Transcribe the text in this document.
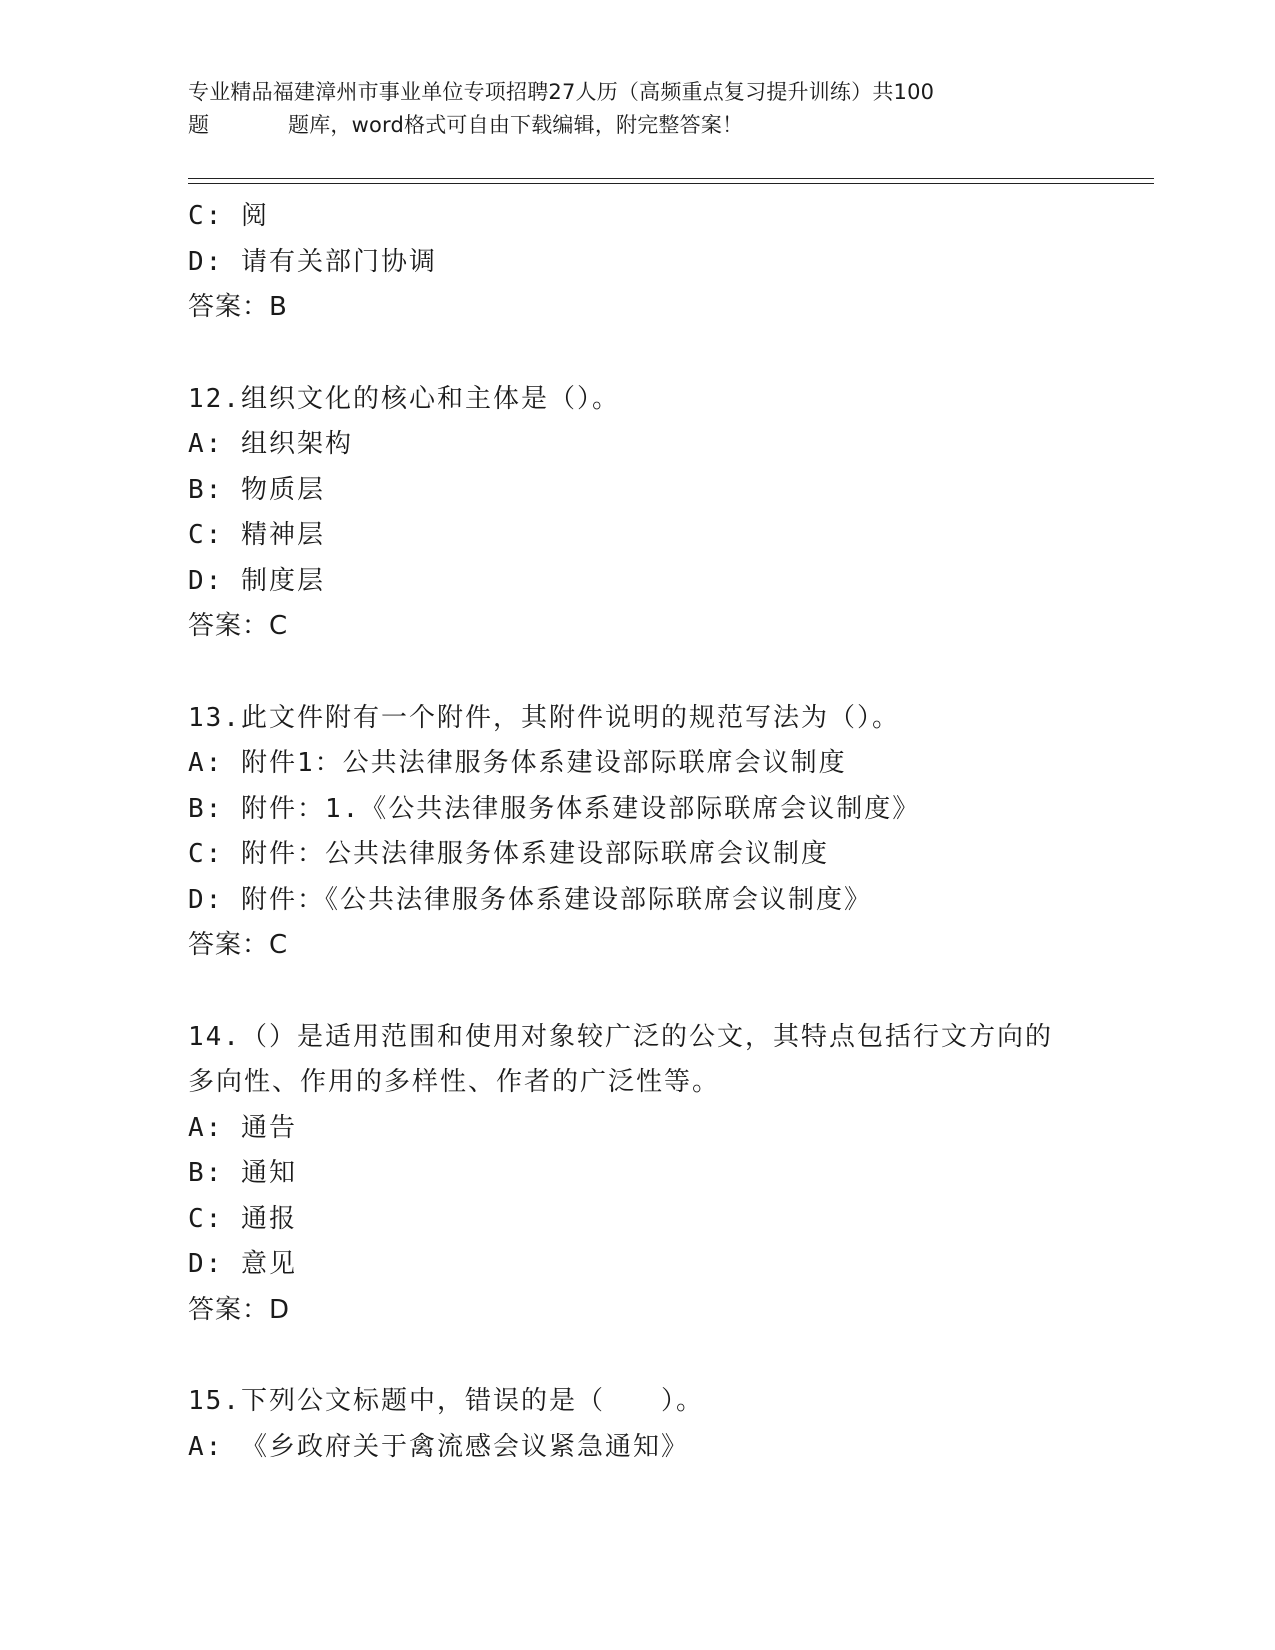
专业精品福建漳州市事业单位专项招聘27人历（高频重点复习提升训练）共100
题	题库，word格式可自由下载编辑，附完整答案！
C: 阅
D: 请有关部门协调
答案：B
12.组织文化的核心和主体是（）。
A: 组织架构
B: 物质层
C: 精神层
D: 制度层
答案：C
13.此文件附有一个附件，其附件说明的规范写法为（）。
A: 附件1：公共法律服务体系建设部际联席会议制度
B: 附件：1.《公共法律服务体系建设部际联席会议制度》
C: 附件：公共法律服务体系建设部际联席会议制度
D: 附件：《公共法律服务体系建设部际联席会议制度》
答案：C
14.（）是适用范围和使用对象较广泛的公文，其特点包括行文方向的
多向性、作用的多样性、作者的广泛性等。
A: 通告
B: 通知
C: 通报
D: 意见
答案：D
15.下列公文标题中，错误的是（　　）。
A: 《乡政府关于禽流感会议紧急通知》
